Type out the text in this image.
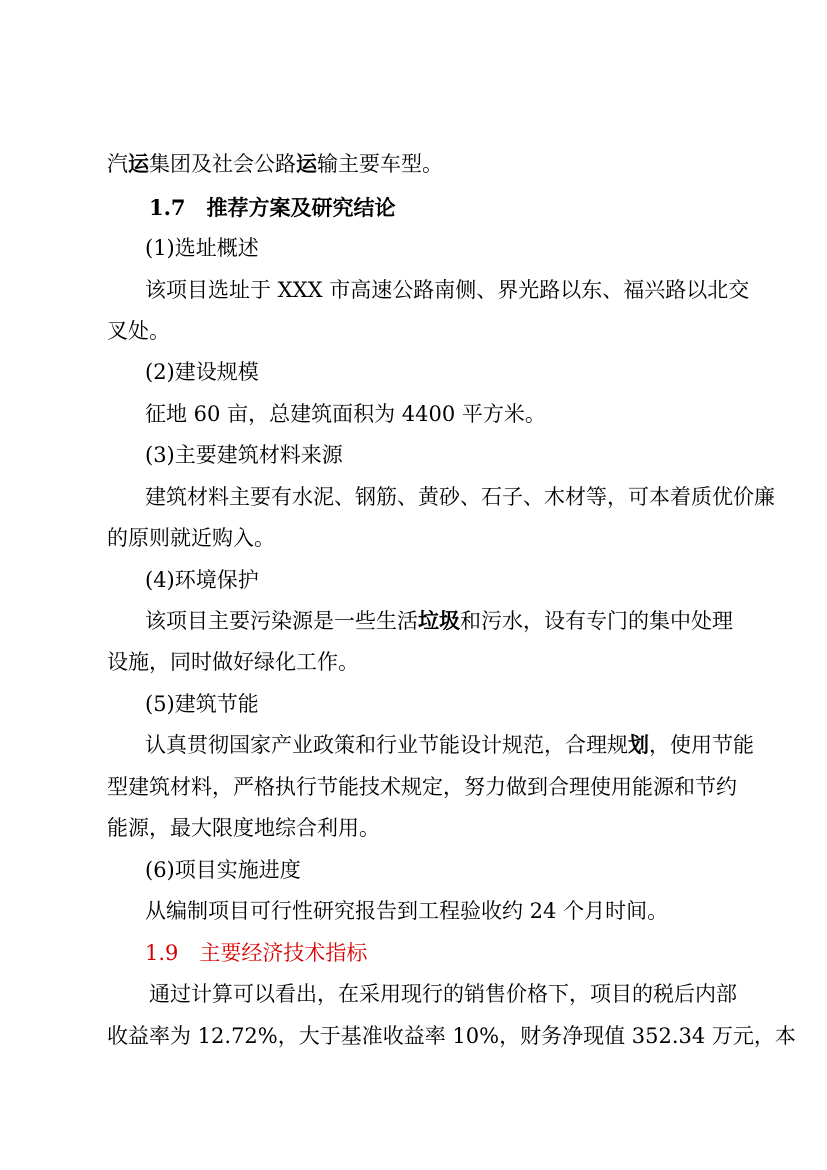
汽运集团及社会公路运输主要车型。
1.7　推荐方案及研究结论
(1)选址概述
该项目选址于 XXX 市高速公路南侧、界光路以东、福兴路以北交
叉处。
(2)建设规模
征地 60 亩，总建筑面积为 4400 平方米。
(3)主要建筑材料来源
建筑材料主要有水泥、钢筋、黄砂、石子、木材等，可本着质优价廉
的原则就近购入。
(4)环境保护
该项目主要污染源是一些生活垃圾和污水，设有专门的集中处理
设施，同时做好绿化工作。
(5)建筑节能
认真贯彻国家产业政策和行业节能设计规范，合理规划，使用节能
型建筑材料，严格执行节能技术规定，努力做到合理使用能源和节约
能源，最大限度地综合利用。
(6)项目实施进度
从编制项目可行性研究报告到工程验收约 24 个月时间。
1.9　主要经济技术指标
通过计算可以看出，在采用现行的销售价格下，项目的税后内部
收益率为 12.72%，大于基准收益率 10%，财务净现值 352.34 万元，本
